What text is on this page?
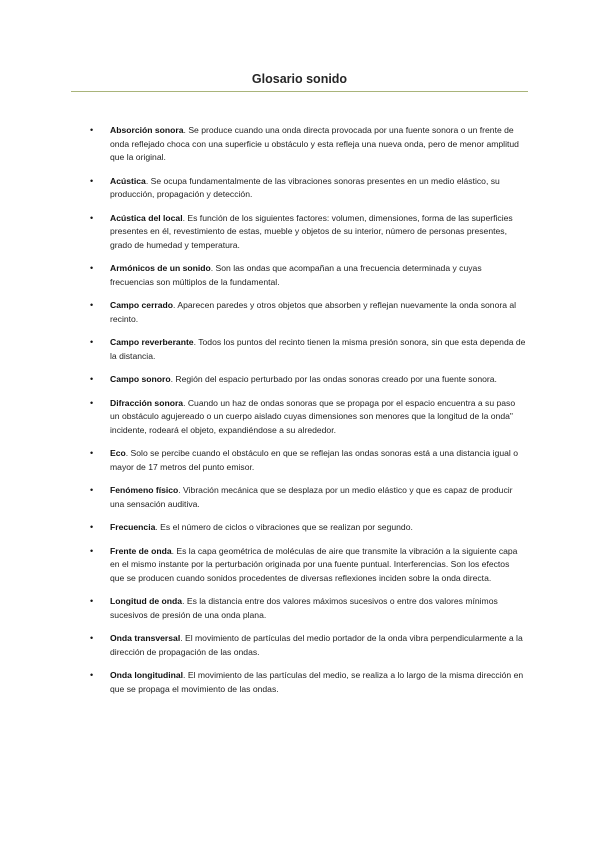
Glosario sonido
• Absorción sonora. Se produce cuando una onda directa provocada por una fuente sonora o un frente de onda reflejado choca con una superficie u obstáculo y esta refleja una nueva onda, pero de menor amplitud que la original.
• Acústica. Se ocupa fundamentalmente de las vibraciones sonoras presentes en un medio elástico, su producción, propagación y detección.
• Acústica del local. Es función de los siguientes factores: volumen, dimensiones, forma de las superficies presentes en él, revestimiento de estas, mueble y objetos de su interior, número de personas presentes, grado de humedad y temperatura.
• Armónicos de un sonido. Son las ondas que acompañan a una frecuencia determinada y cuyas frecuencias son múltiplos de la fundamental.
• Campo cerrado. Aparecen paredes y otros objetos que absorben y reflejan nuevamente la onda sonora al recinto.
• Campo reverberante. Todos los puntos del recinto tienen la misma presión sonora, sin que esta dependa de la distancia.
• Campo sonoro. Región del espacio perturbado por las ondas sonoras creado por una fuente sonora.
• Difracción sonora. Cuando un haz de ondas sonoras que se propaga por el espacio encuentra a su paso un obstáculo agujereado o un cuerpo aislado cuyas dimensiones son menores que la longitud de la onda" incidente, rodeará el objeto, expandiéndose a su alrededor.
• Eco. Solo se percibe cuando el obstáculo en que se reflejan las ondas sonoras está a una distancia igual o mayor de 17 metros del punto emisor.
• Fenómeno físico. Vibración mecánica que se desplaza por un medio elástico y que es capaz de producir una sensación auditiva.
• Frecuencia. Es el número de ciclos o vibraciones que se realizan por segundo.
• Frente de onda. Es la capa geométrica de moléculas de aire que transmite la vibración a la siguiente capa en el mismo instante por la perturbación originada por una fuente puntual. Interferencias. Son los efectos que se producen cuando sonidos procedentes de diversas reflexiones inciden sobre la onda directa.
• Longitud de onda. Es la distancia entre dos valores máximos sucesivos o entre dos valores mínimos sucesivos de presión de una onda plana.
• Onda transversal. El movimiento de partículas del medio portador de la onda vibra perpendicularmente a la dirección de propagación de las ondas.
• Onda longitudinal. El movimiento de las partículas del medio, se realiza a lo largo de la misma dirección en que se propaga el movimiento de las ondas.
